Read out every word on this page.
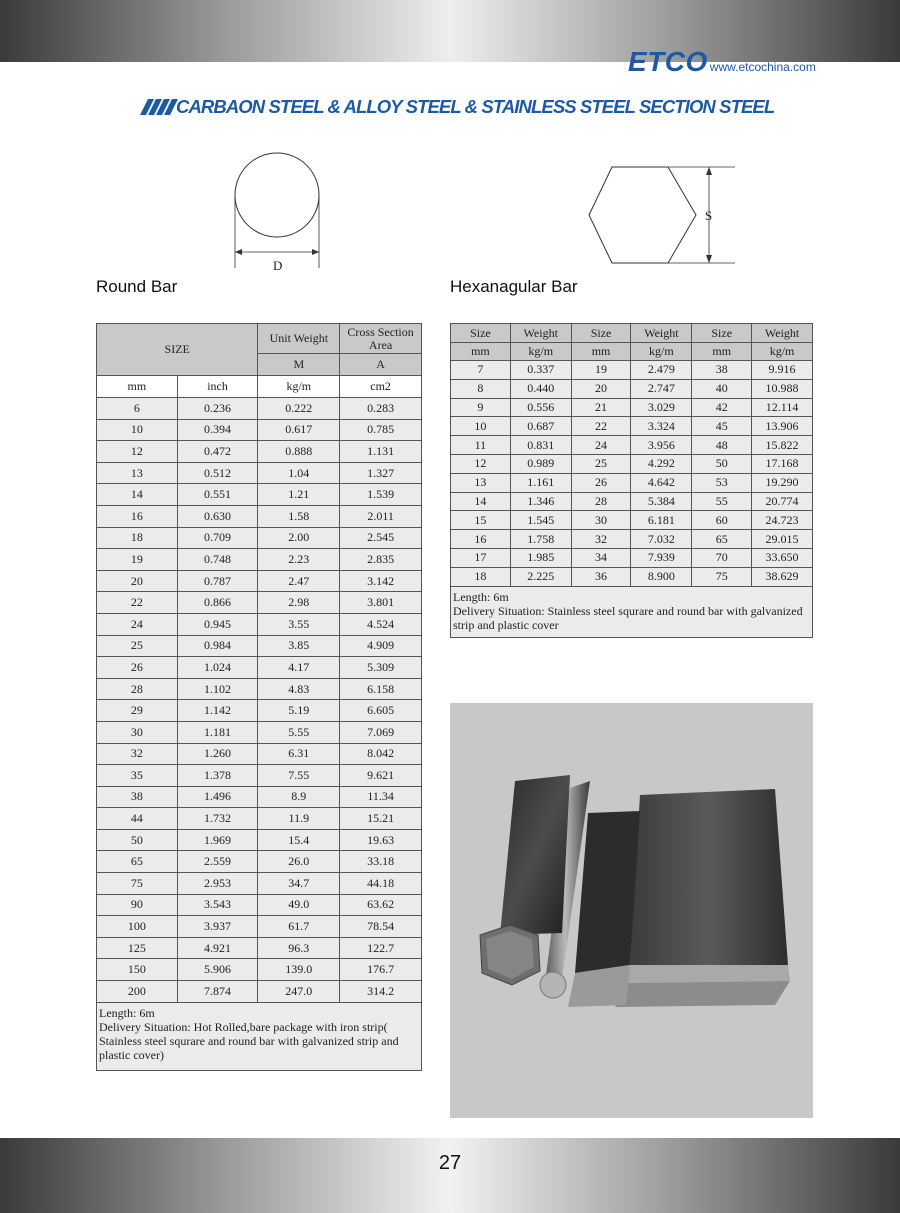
ETCO www.etcochina.com
CARBAON STEEL & ALLOY STEEL & STAINLESS STEEL SECTION STEEL
D
S
Round Bar	Hexanagular Bar
SIZE		Unit Weight	Cross Section Area
		M	A
mm	inch	kg/m	cm2
6	0.236	0.222	0.283
10	0.394	0.617	0.785
12	0.472	0.888	1.131
13	0.512	1.04	1.327
14	0.551	1.21	1.539
16	0.630	1.58	2.011
18	0.709	2.00	2.545
19	0.748	2.23	2.835
20	0.787	2.47	3.142
22	0.866	2.98	3.801
24	0.945	3.55	4.524
25	0.984	3.85	4.909
26	1.024	4.17	5.309
28	1.102	4.83	6.158
29	1.142	5.19	6.605
30	1.181	5.55	7.069
32	1.260	6.31	8.042
35	1.378	7.55	9.621
38	1.496	8.9	11.34
44	1.732	11.9	15.21
50	1.969	15.4	19.63
65	2.559	26.0	33.18
75	2.953	34.7	44.18
90	3.543	49.0	63.62
100	3.937	61.7	78.54
125	4.921	96.3	122.7
150	5.906	139.0	176.7
200	7.874	247.0	314.2

Length: 6m
Delivery Situation: Hot Rolled,bare package with iron strip(
Stainless steel squrare and round bar with galvanized strip and
plastic cover)			
Size	Weight	Size	Weight	Size	Weight
mm	kg/m	mm	kg/m	mm	kg/m
7	0.337	19	2.479	38	9.916
8	0.440	20	2.747	40	10.988
9	0.556	21	3.029	42	12.114
10	0.687	22	3.324	45	13.906
11	0.831	24	3.956	48	15.822
12	0.989	25	4.292	50	17.168
13	1.161	26	4.642	53	19.290
14	1.346	28	5.384	55	20.774
15	1.545	30	6.181	60	24.723
16	1.758	32	7.032	65	29.015
17	1.985	34	7.939	70	33.650
18	2.225	36	8.900	75	38.629

Length: 6m
Delivery Situation: Stainless steel squrare and round bar with galvanized
strip and plastic cover					
27
